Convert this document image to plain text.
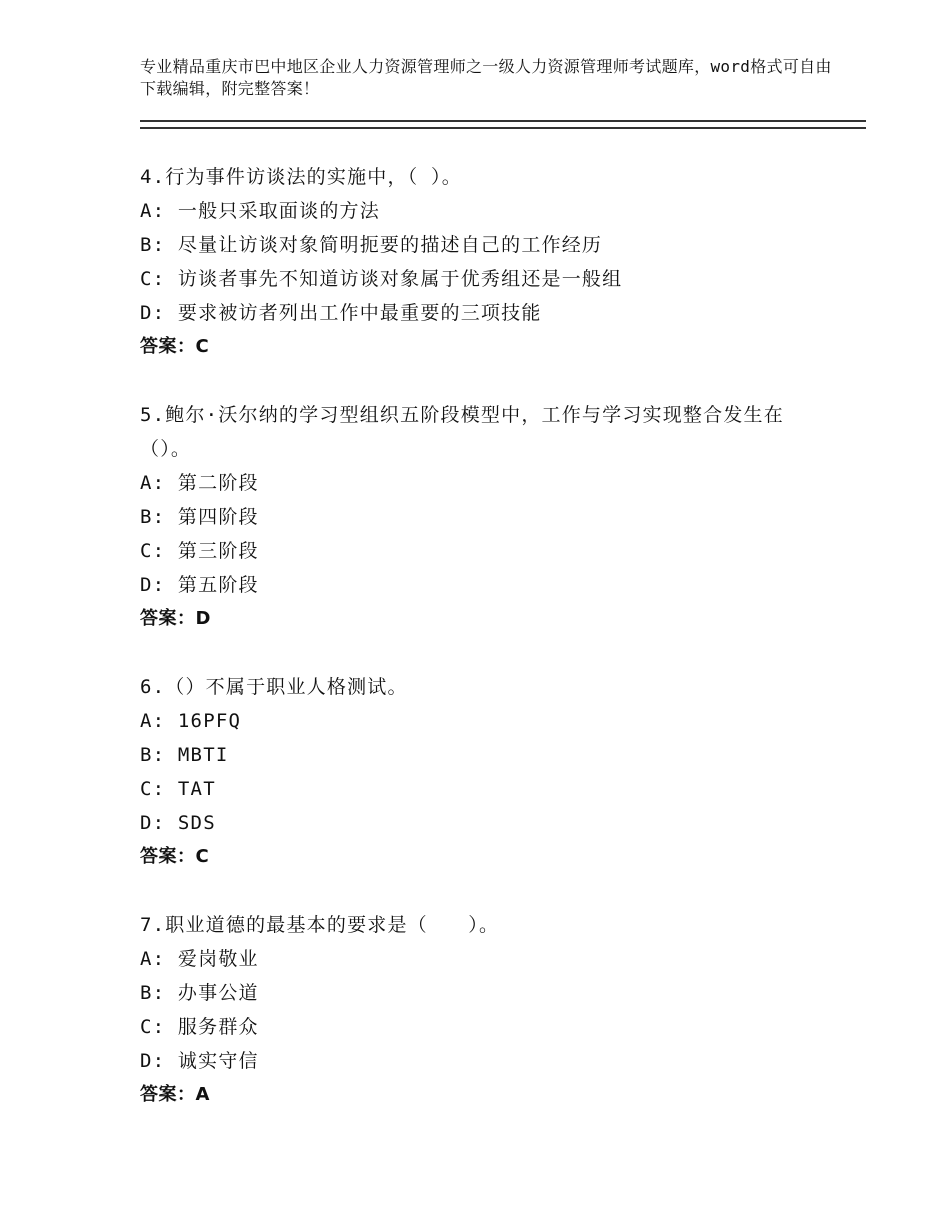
专业精品重庆市巴中地区企业人力资源管理师之一级人力资源管理师考试题库，word格式可自由下载编辑，附完整答案！
4.行为事件访谈法的实施中，（ ）。
A: 一般只采取面谈的方法
B: 尽量让访谈对象简明扼要的描述自己的工作经历
C: 访谈者事先不知道访谈对象属于优秀组还是一般组
D: 要求被访者列出工作中最重要的三项技能
答案：C
5.鲍尔·沃尔纳的学习型组织五阶段模型中，工作与学习实现整合发生在（）。
A: 第二阶段
B: 第四阶段
C: 第三阶段
D: 第五阶段
答案：D
6.（）不属于职业人格测试。
A: 16PFQ
B: MBTI
C: TAT
D: SDS
答案：C
7.职业道德的最基本的要求是（　　）。
A: 爱岗敬业
B: 办事公道
C: 服务群众
D: 诚实守信
答案：A
